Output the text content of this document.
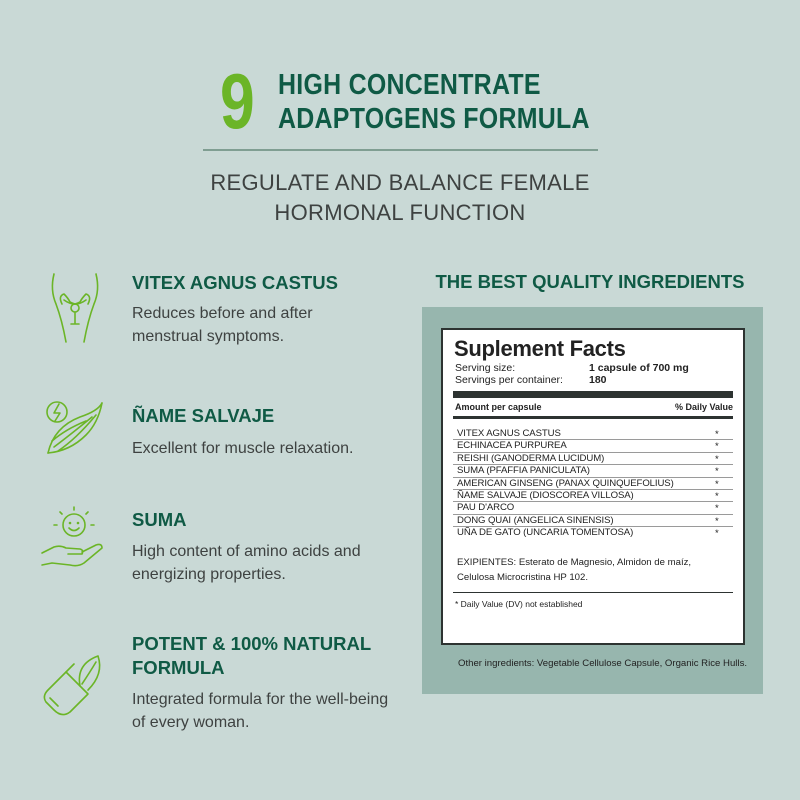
9 HIGH CONCENTRATE
ADAPTOGENS FORMULA
REGULATE AND BALANCE FEMALE
HORMONAL FUNCTION
VITEX AGNUS CASTUS
Reduces before and after
menstrual symptoms.
ÑAME SALVAJE
Excellent for muscle relaxation.
SUMA
High content of amino acids and
energizing properties.
POTENT & 100% NATURAL
FORMULA
Integrated formula for the well-being
of every woman.
THE BEST QUALITY INGREDIENTS
Suplement Facts
Serving size:	1 capsule of 700 mg
Servings per container: 180
Amount per capsule	% Daily Value
VITEX AGNUS CASTUS	*
ECHINACEA PURPUREA	*
REISHI (GANODERMA LUCIDUM)	*
SUMA (PFAFFIA PANICULATA)	*
AMERICAN GINSENG (PANAX QUINQUEFOLIUS)	*
ÑAME SALVAJE (DIOSCOREA VILLOSA)	*
PAU D'ARCO	*
DONG QUAI (ANGELICA SINENSIS)	*
UÑA DE GATO (UNCARIA TOMENTOSA)	*
EXIPIENTES: Esterato de Magnesio, Almidon de maíz,
Celulosa Microcristina HP 102.
* Daily Value (DV) not established
Other ingredients: Vegetable Cellulose Capsule, Organic Rice Hulls.
